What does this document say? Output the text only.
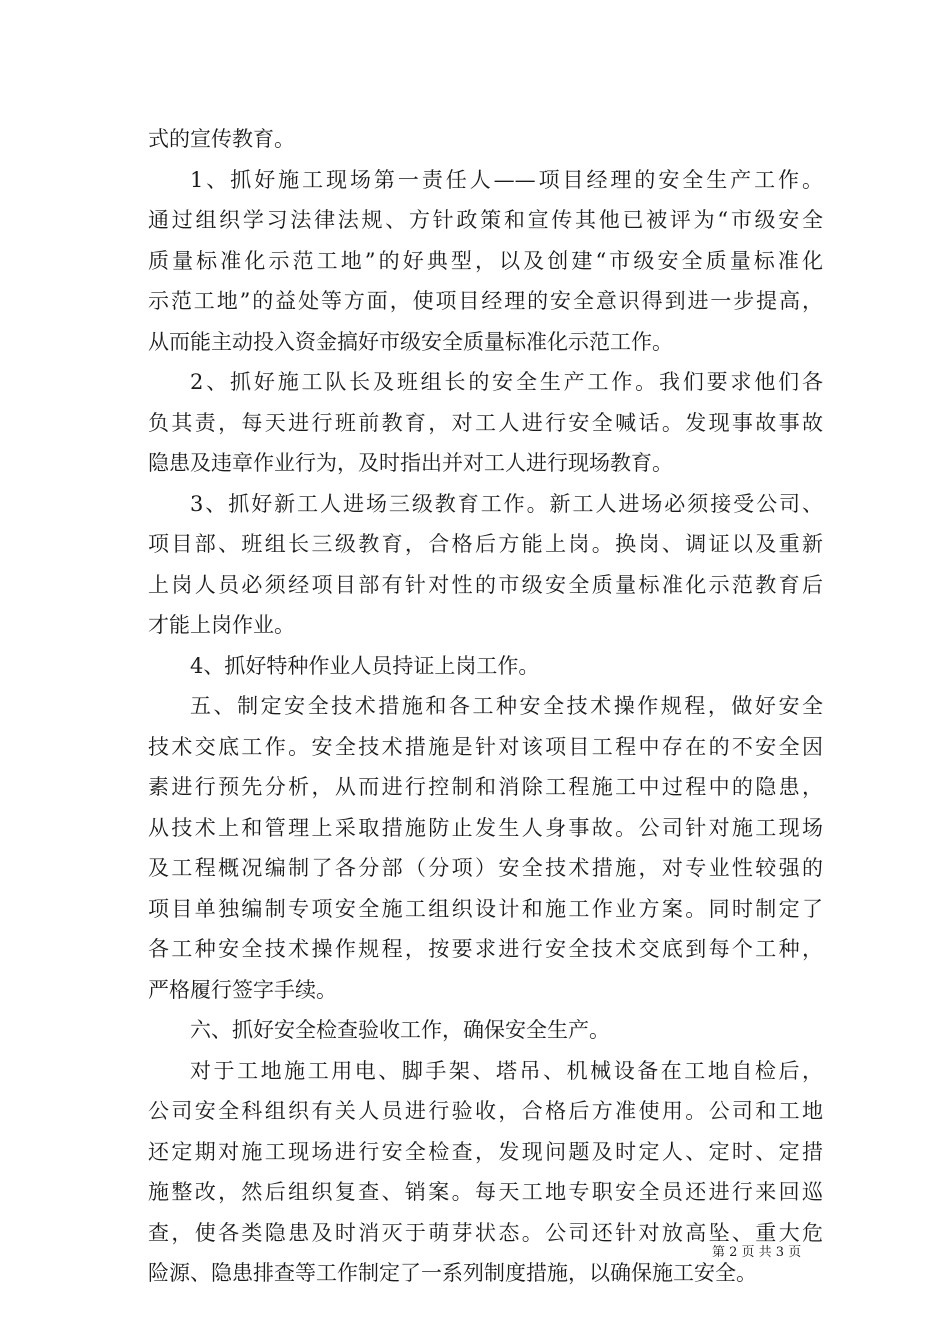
式的宣传教育。
1、抓好施工现场第一责任人——项目经理的安全生产工作。
通过组织学习法律法规、方针政策和宣传其他已被评为“市级安全
质量标准化示范工地”的好典型，以及创建“市级安全质量标准化
示范工地”的益处等方面，使项目经理的安全意识得到进一步提高，
从而能主动投入资金搞好市级安全质量标准化示范工作。
2、抓好施工队长及班组长的安全生产工作。我们要求他们各
负其责，每天进行班前教育，对工人进行安全喊话。发现事故事故
隐患及违章作业行为，及时指出并对工人进行现场教育。
3、抓好新工人进场三级教育工作。新工人进场必须接受公司、
项目部、班组长三级教育，合格后方能上岗。换岗、调证以及重新
上岗人员必须经项目部有针对性的市级安全质量标准化示范教育后
才能上岗作业。
4、抓好特种作业人员持证上岗工作。
五、制定安全技术措施和各工种安全技术操作规程，做好安全
技术交底工作。安全技术措施是针对该项目工程中存在的不安全因
素进行预先分析，从而进行控制和消除工程施工中过程中的隐患，
从技术上和管理上采取措施防止发生人身事故。公司针对施工现场
及工程概况编制了各分部（分项）安全技术措施，对专业性较强的
项目单独编制专项安全施工组织设计和施工作业方案。同时制定了
各工种安全技术操作规程，按要求进行安全技术交底到每个工种，
严格履行签字手续。
六、抓好安全检查验收工作，确保安全生产。
对于工地施工用电、脚手架、塔吊、机械设备在工地自检后，
公司安全科组织有关人员进行验收，合格后方准使用。公司和工地
还定期对施工现场进行安全检查，发现问题及时定人、定时、定措
施整改，然后组织复查、销案。每天工地专职安全员还进行来回巡
查，使各类隐患及时消灭于萌芽状态。公司还针对放高坠、重大危
险源、隐患排查等工作制定了一系列制度措施，以确保施工安全。
第 2 页 共 3 页
